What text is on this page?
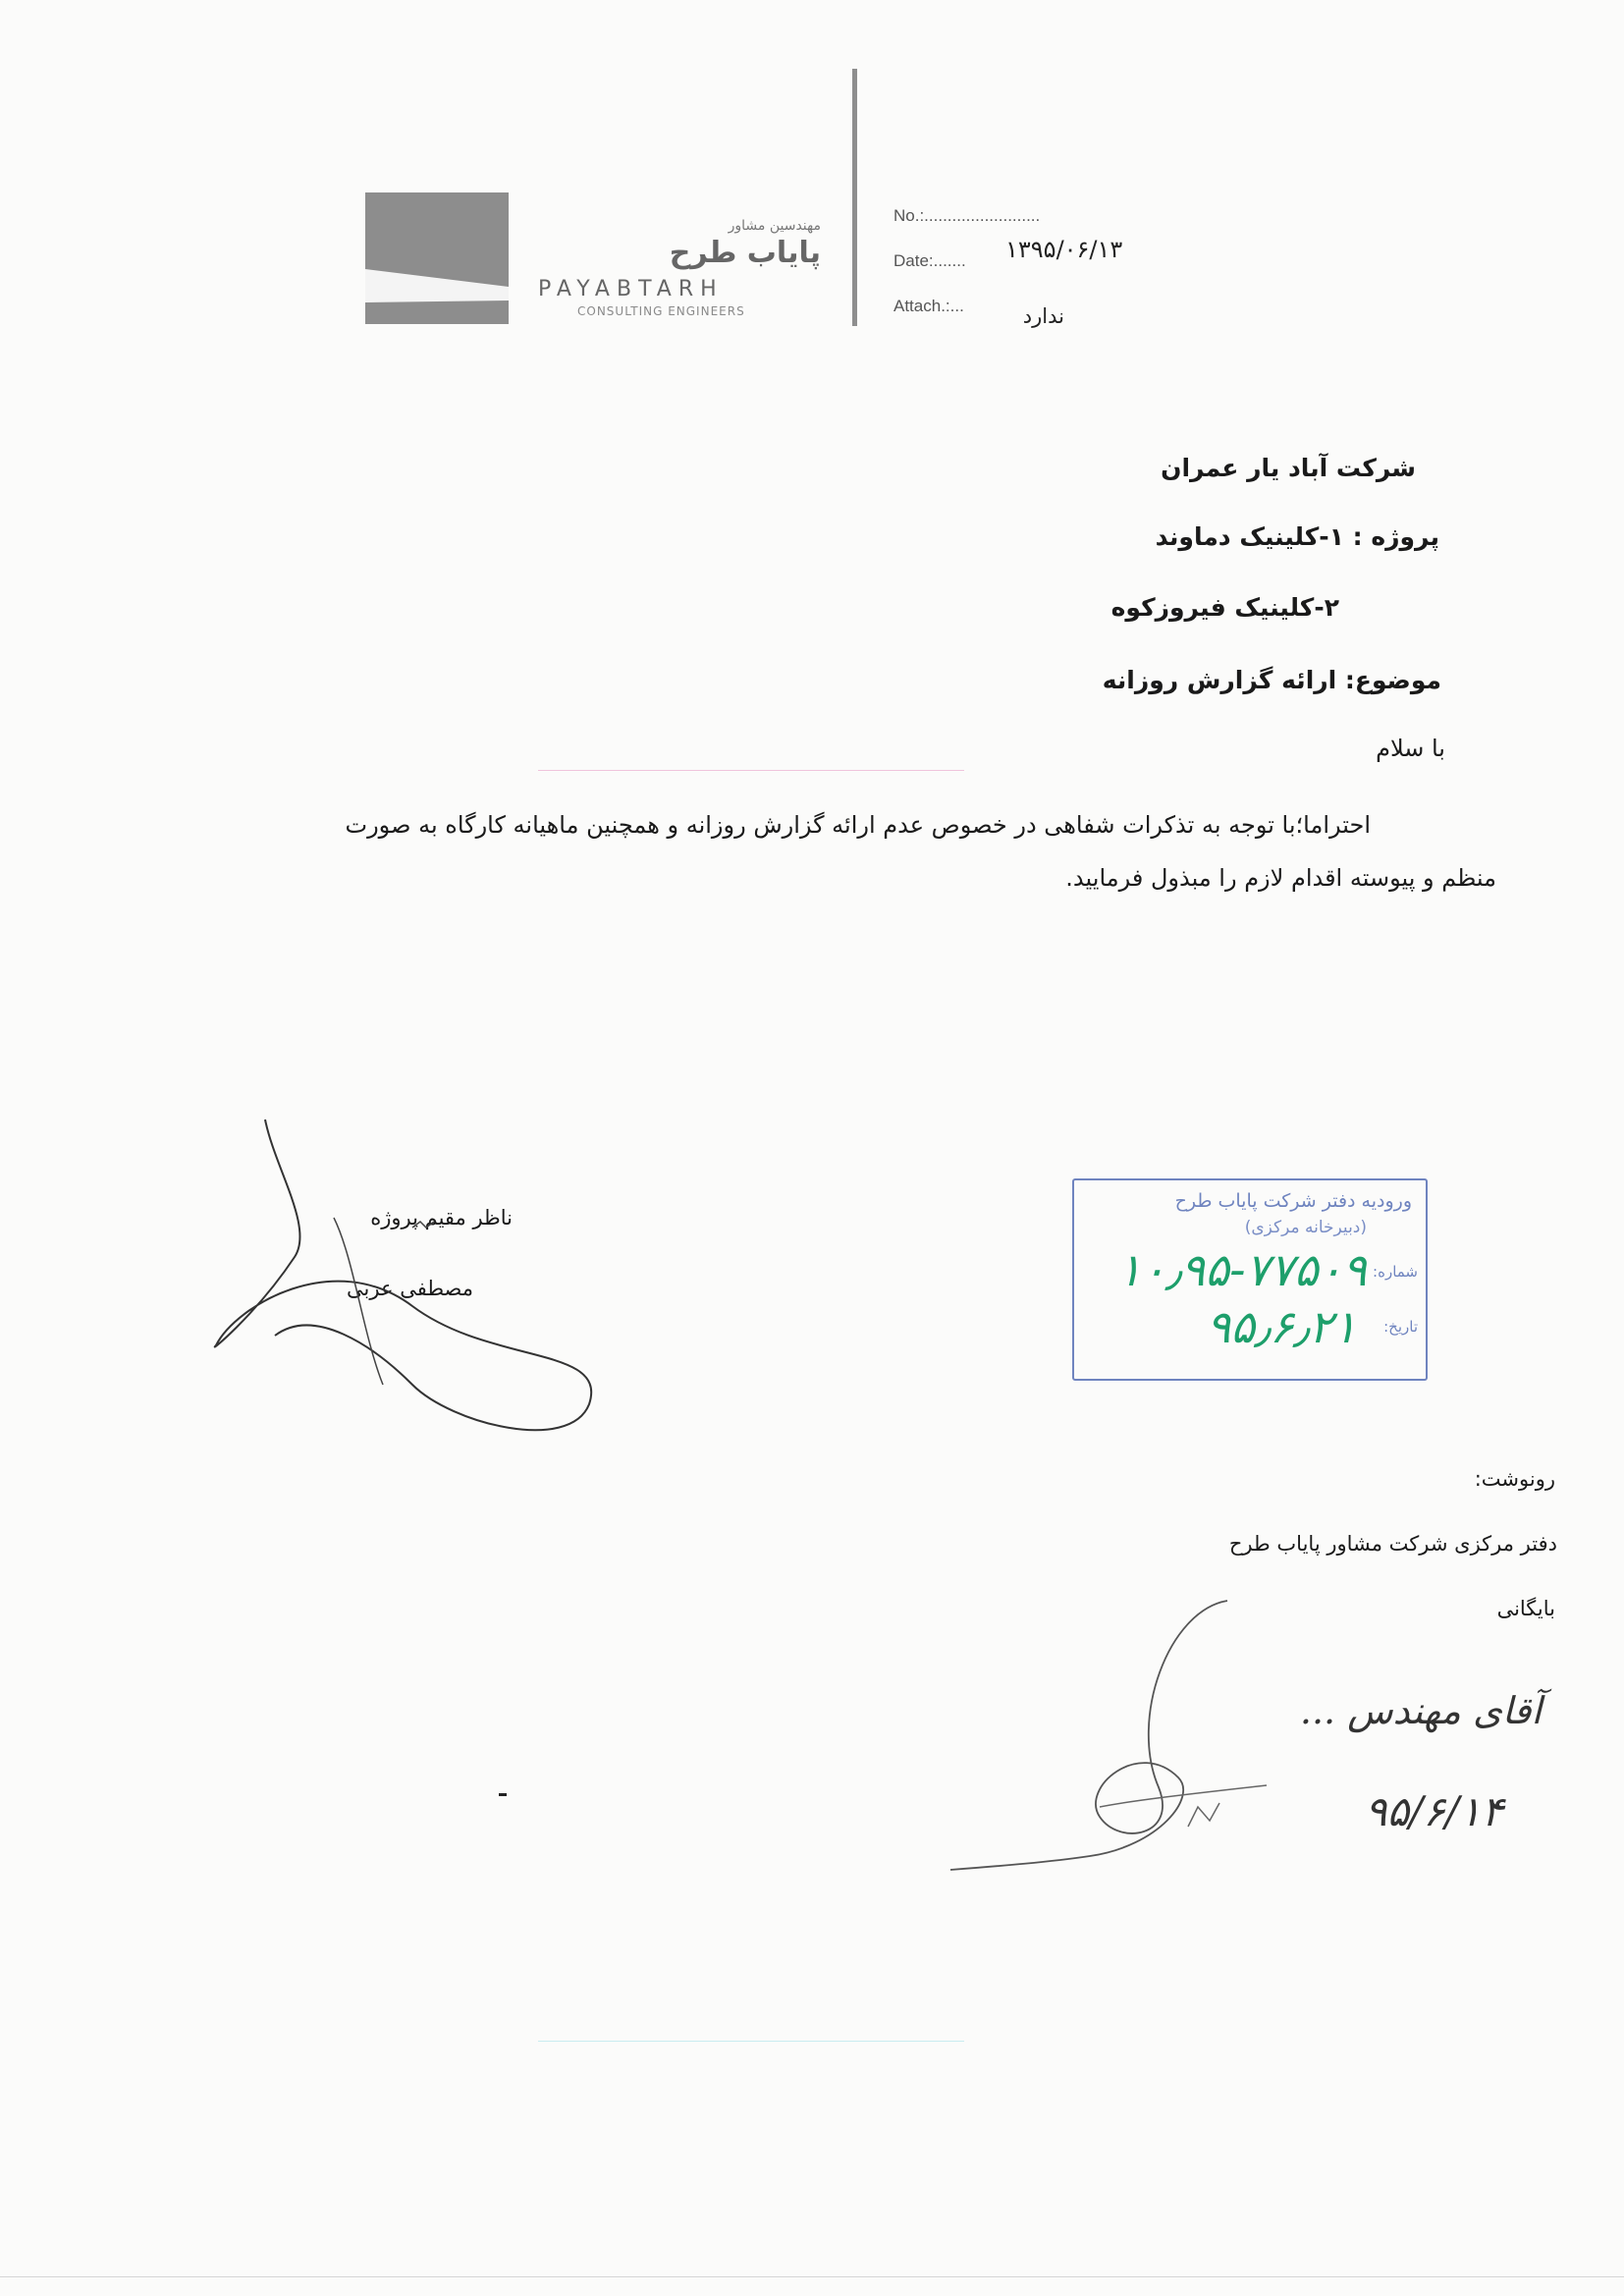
مهندسین مشاور
پایاب طرح
PAYABTARH
CONSULTING ENGINEERS
No.:.........................
Date:....... ۱۳۹۵/۰۶/۱۳
Attach.:...	ندارد
شرکت آباد یار عمران
پروژه : ۱-کلینیک دماوند
۲-کلینیک فیروزکوه
موضوع: ارائه گزارش روزانه
با سلام
احتراما؛با توجه به تذکرات شفاهی در خصوص عدم ارائه گزارش روزانه و همچنین ماهیانه کارگاه به صورت
منظم و پیوسته اقدام لازم را مبذول فرمایید.
ناظر مقیم پروژه
مصطفی عربی
ورودیه دفتر شرکت پایاب طرح
(دبیرخانه مرکزی)
شماره:
۱۰٫۹۵-۷۷۵۰۹
تاریخ:
۹۵٫۶٫۲۱
رونوشت:
دفتر مرکزی شرکت مشاور پایاب طرح
بایگانی
آقای مهندس ...
۹۵/۶/۱۴
